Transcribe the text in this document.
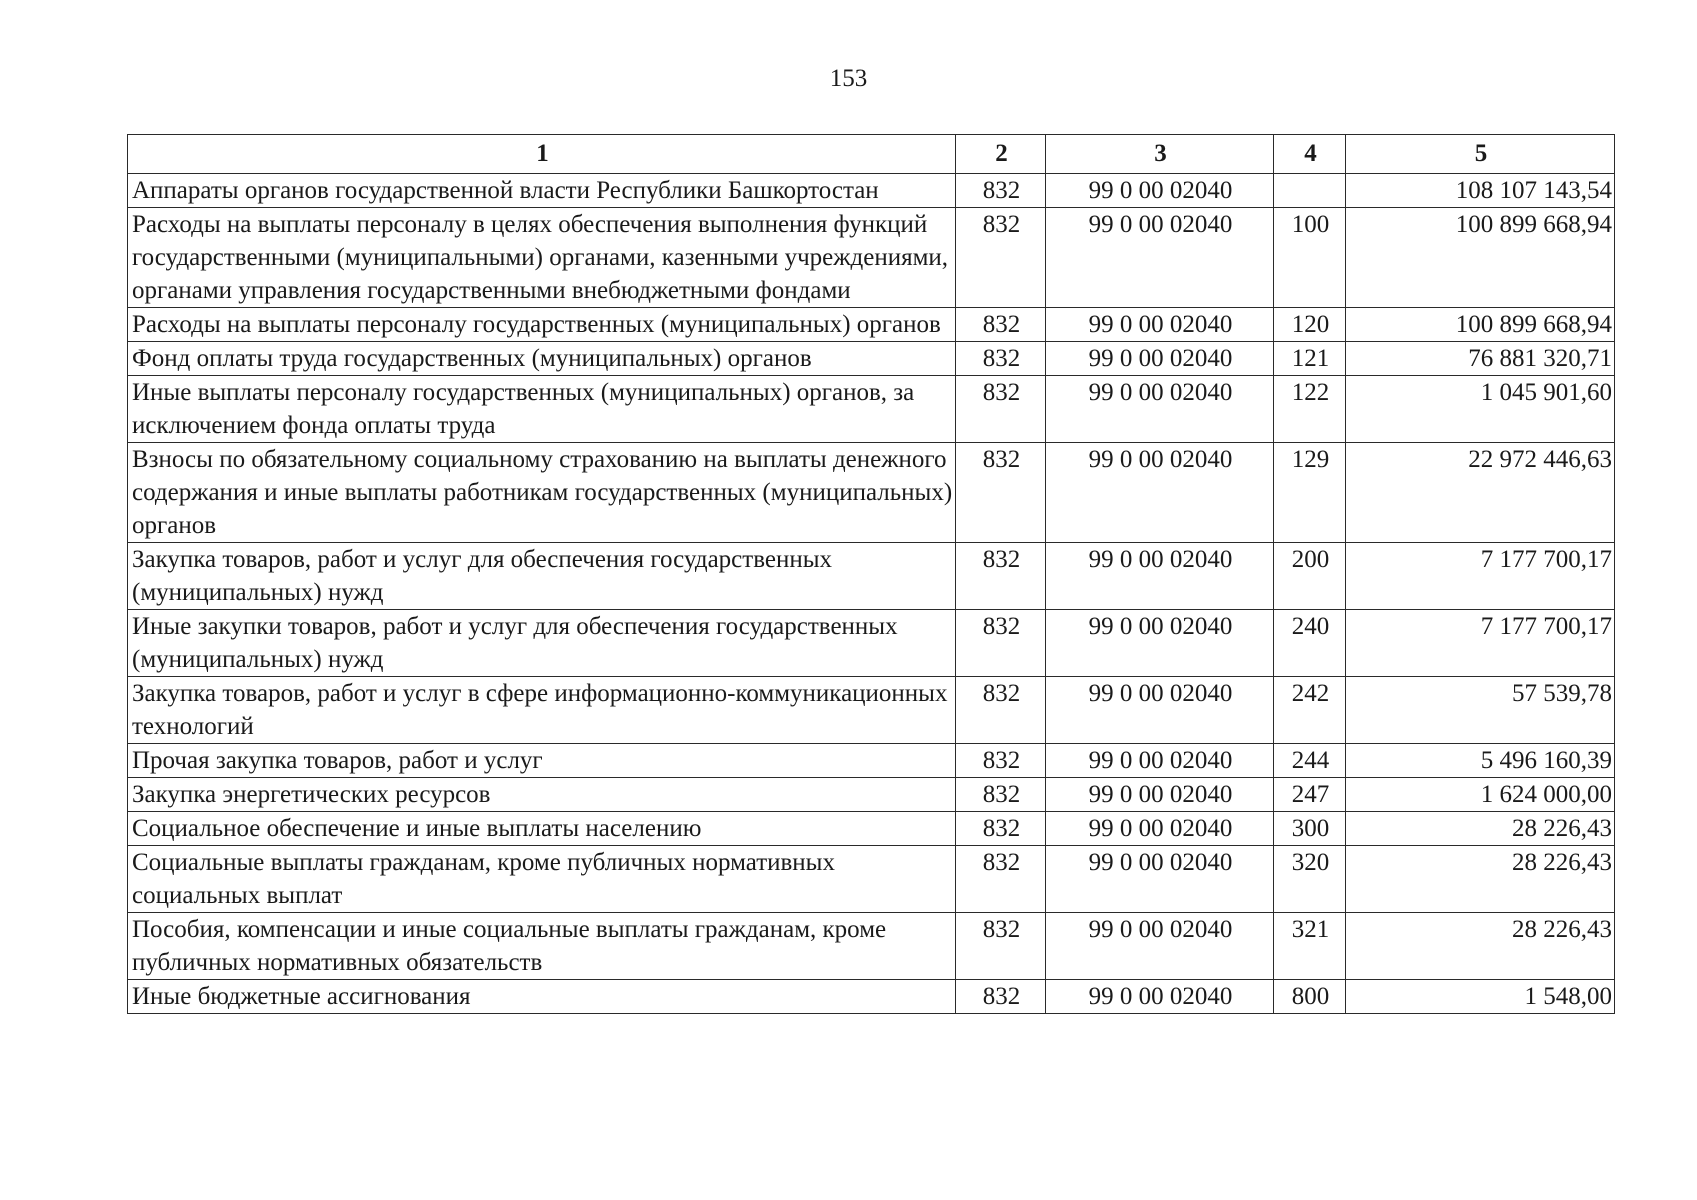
153
1	2	3	4	5
Аппараты органов государственной власти Республики Башкортостан	832	99 0 00 02040		108 107 143,54
Расходы на выплаты персоналу в целях обеспечения выполнения функций государственными (муниципальными) органами, казенными учреждениями, органами управления государственными внебюджетными фондами	832	99 0 00 02040	100	100 899 668,94
Расходы на выплаты персоналу государственных (муниципальных) органов	832	99 0 00 02040	120	100 899 668,94
Фонд оплаты труда государственных (муниципальных) органов	832	99 0 00 02040	121	76 881 320,71
Иные выплаты персоналу государственных (муниципальных) органов, за исключением фонда оплаты труда	832	99 0 00 02040	122	1 045 901,60
Взносы по обязательному социальному страхованию на выплаты денежного содержания и иные выплаты работникам государственных (муниципальных) органов	832	99 0 00 02040	129	22 972 446,63
Закупка товаров, работ и услуг для обеспечения государственных (муниципальных) нужд	832	99 0 00 02040	200	7 177 700,17
Иные закупки товаров, работ и услуг для обеспечения государственных (муниципальных) нужд	832	99 0 00 02040	240	7 177 700,17
Закупка товаров, работ и услуг в сфере информационно-коммуникационных технологий	832	99 0 00 02040	242	57 539,78
Прочая закупка товаров, работ и услуг	832	99 0 00 02040	244	5 496 160,39
Закупка энергетических ресурсов	832	99 0 00 02040	247	1 624 000,00
Социальное обеспечение и иные выплаты населению	832	99 0 00 02040	300	28 226,43
Социальные выплаты гражданам, кроме публичных нормативных социальных выплат	832	99 0 00 02040	320	28 226,43
Пособия, компенсации и иные социальные выплаты гражданам, кроме публичных нормативных обязательств	832	99 0 00 02040	321	28 226,43
Иные бюджетные ассигнования	832	99 0 00 02040	800	1 548,00
